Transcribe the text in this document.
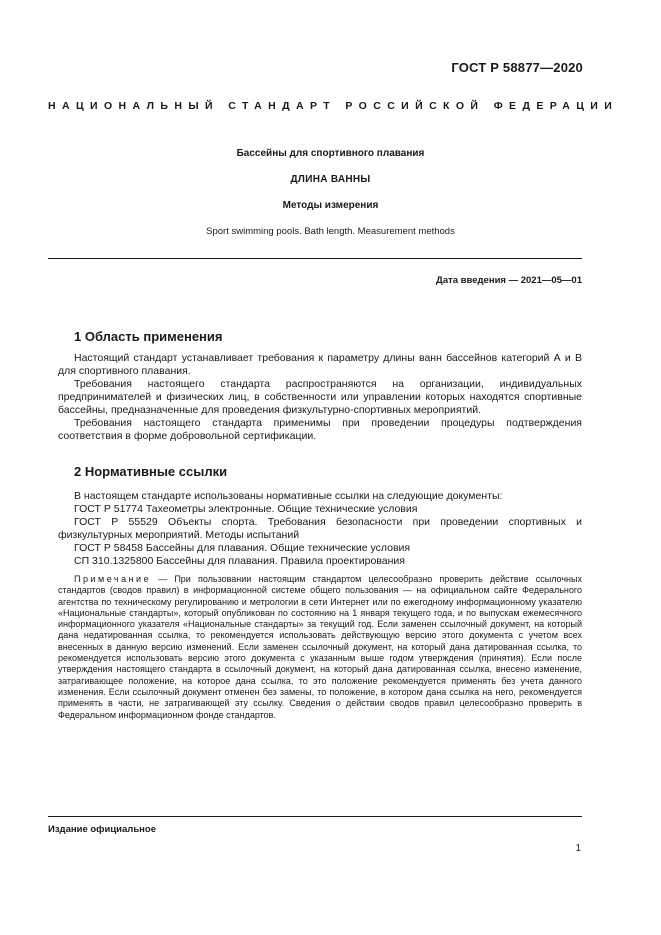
ГОСТ Р 58877—2020
НАЦИОНАЛЬНЫЙ СТАНДАРТ РОССИЙСКОЙ ФЕДЕРАЦИИ
Бассейны для спортивного плавания
ДЛИНА ВАННЫ
Методы измерения
Sport swimming pools. Bath length. Measurement methods
Дата введения — 2021—05—01
1 Область применения

Настоящий стандарт устанавливает требования к параметру длины ванн бассейнов категорий А и В для спортивного плавания.

Требования настоящего стандарта распространяются на организации, индивидуальных предпринимателей и физических лиц, в собственности или управлении которых находятся спортивные бассейны, предназначенные для проведения физкультурно-спортивных мероприятий.

Требования настоящего стандарта применимы при проведении процедуры подтверждения соответствия в форме добровольной сертификации.

2 Нормативные ссылки

В настоящем стандарте использованы нормативные ссылки на следующие документы:

ГОСТ Р 51774 Тахеометры электронные. Общие технические условия

ГОСТ Р 55529 Объекты спорта. Требования безопасности при проведении спортивных и физкультурных мероприятий. Методы испытаний

ГОСТ Р 58458 Бассейны для плавания. Общие технические условия

СП 310.1325800 Бассейны для плавания. Правила проектирования

Примечание — При пользовании настоящим стандартом целесообразно проверить действие ссылочных стандартов (сводов правил) в информационной системе общего пользования — на официальном сайте Федерального агентства по техническому регулированию и метрологии в сети Интернет или по ежегодному информационному указателю «Национальные стандарты», который опубликован по состоянию на 1 января текущего года, и по выпускам ежемесячного информационного указателя «Национальные стандарты» за текущий год. Если заменен ссылочный документ, на который дана недатированная ссылка, то рекомендуется использовать действующую версию этого документа с учетом всех внесенных в данную версию изменений. Если заменен ссылочный документ, на который дана датированная ссылка, то рекомендуется использовать версию этого документа с указанным выше годом утверждения (принятия). Если после утверждения настоящего стандарта в ссылочный документ, на который дана датированная ссылка, внесено изменение, затрагивающее положение, на которое дана ссылка, то это положение рекомендуется применять без учета данного изменения. Если ссылочный документ отменен без замены, то положение, в котором дана ссылка на него, рекомендуется применять в части, не затрагивающей эту ссылку. Сведения о действии сводов правил целесообразно проверить в Федеральном информационном фонде стандартов.

Издание официальное
1
